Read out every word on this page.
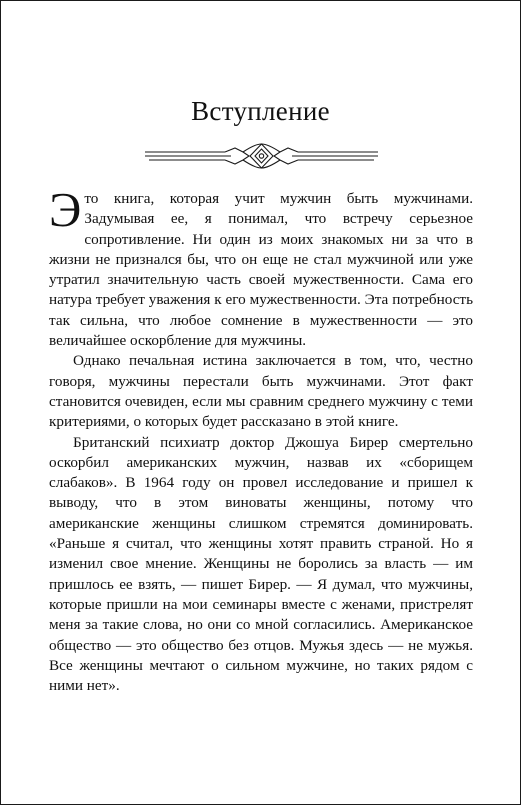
Вступление

Это книга, которая учит мужчин быть мужчинами. Задумывая ее, я понимал, что встречу серьезное сопротивление. Ни один из моих знакомых ни за что в жизни не признался бы, что он еще не стал мужчиной или уже утратил значительную часть своей мужественности. Сама его натура требует уважения к его мужественности. Эта потребность так сильна, что любое сомнение в мужественности — это величайшее оскорбление для мужчины.

Однако печальная истина заключается в том, что, честно говоря, мужчины перестали быть мужчинами. Этот факт становится очевиден, если мы сравним среднего мужчину с теми критериями, о которых будет рассказано в этой книге.

Британский психиатр доктор Джошуа Бирер смертельно оскорбил американских мужчин, назвав их «сборищем слабаков». В 1964 году он провел исследование и пришел к выводу, что в этом виноваты женщины, потому что американские женщины слишком стремятся доминировать. «Раньше я считал, что женщины хотят править страной. Но я изменил свое мнение. Женщины не боролись за власть — им пришлось ее взять, — пишет Бирер. — Я думал, что мужчины, которые пришли на мои семинары вместе с женами, пристрелят меня за такие слова, но они со мной согласились. Американское общество — это общество без отцов. Мужья здесь — не мужья. Все женщины мечтают о сильном мужчине, но таких рядом с ними нет».
